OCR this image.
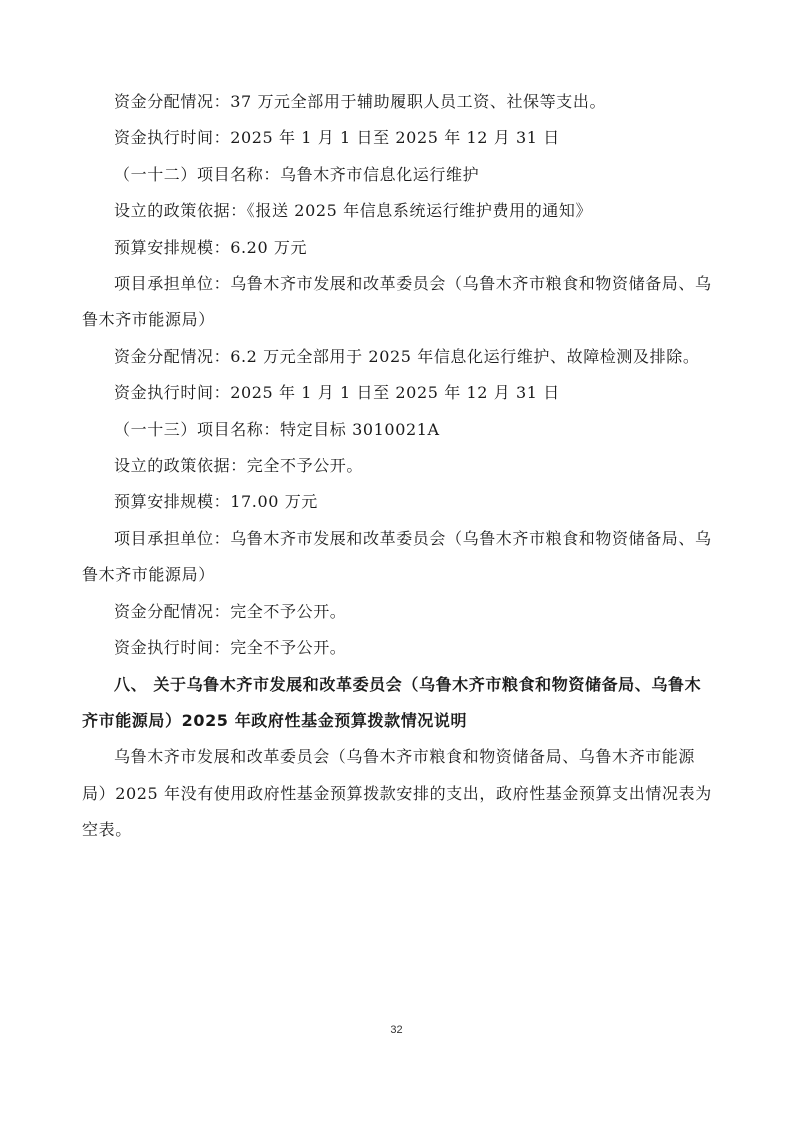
资金分配情况：37 万元全部用于辅助履职人员工资、社保等支出。

资金执行时间：2025 年 1 月 1 日至 2025 年 12 月 31 日

（一十二）项目名称：乌鲁木齐市信息化运行维护

设立的政策依据：《报送 2025 年信息系统运行维护费用的通知》

预算安排规模：6.20 万元

项目承担单位：乌鲁木齐市发展和改革委员会（乌鲁木齐市粮食和物资储备局、乌鲁木齐市能源局）

资金分配情况：6.2 万元全部用于 2025 年信息化运行维护、故障检测及排除。

资金执行时间：2025 年 1 月 1 日至 2025 年 12 月 31 日

（一十三）项目名称：特定目标 3010021A

设立的政策依据：完全不予公开。

预算安排规模：17.00 万元

项目承担单位：乌鲁木齐市发展和改革委员会（乌鲁木齐市粮食和物资储备局、乌鲁木齐市能源局）

资金分配情况：完全不予公开。

资金执行时间：完全不予公开。

八、 关于乌鲁木齐市发展和改革委员会（乌鲁木齐市粮食和物资储备局、乌鲁木齐市能源局）2025 年政府性基金预算拨款情况说明

乌鲁木齐市发展和改革委员会（乌鲁木齐市粮食和物资储备局、乌鲁木齐市能源局）2025 年没有使用政府性基金预算拨款安排的支出，政府性基金预算支出情况表为空表。

32
